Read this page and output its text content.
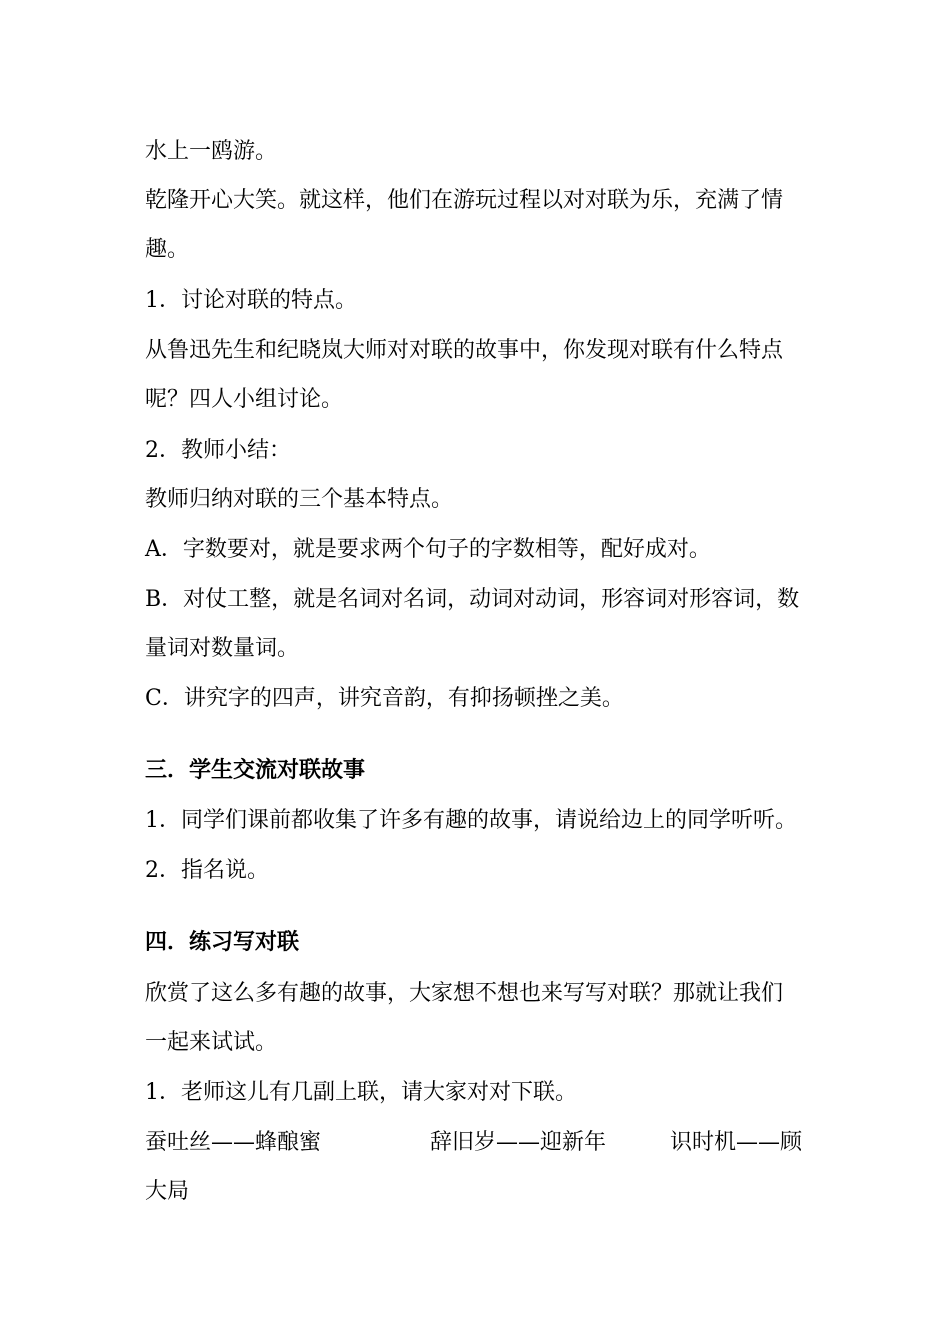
水上一鸥游。
乾隆开心大笑。就这样，他们在游玩过程以对对联为乐，充满了情
趣。
1．讨论对联的特点。
从鲁迅先生和纪晓岚大师对对联的故事中，你发现对联有什么特点
呢？四人小组讨论。
2．教师小结：
教师归纳对联的三个基本特点。
A．字数要对，就是要求两个句子的字数相等，配好成对。
B．对仗工整，就是名词对名词，动词对动词，形容词对形容词，数
量词对数量词。
C．讲究字的四声，讲究音韵，有抑扬顿挫之美。
三．学生交流对联故事
1．同学们课前都收集了许多有趣的故事，请说给边上的同学听听。
2．指名说。
四．练习写对联
欣赏了这么多有趣的故事，大家想不想也来写写对联？那就让我们
一起来试试。
1．老师这儿有几副上联，请大家对对下联。
蚕吐丝——蜂酿蜜	辞旧岁——迎新年	识时机——顾
大局
